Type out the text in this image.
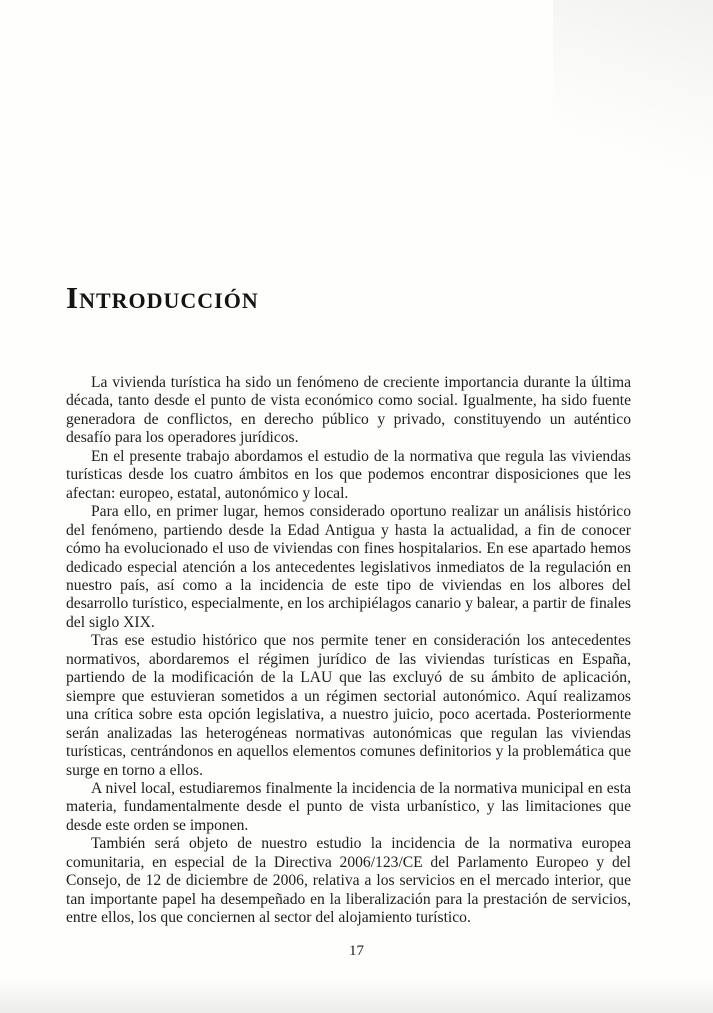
Introducción

La vivienda turística ha sido un fenómeno de creciente importancia durante la última década, tanto desde el punto de vista económico como social. Igualmente, ha sido fuente generadora de conflictos, en derecho público y privado, constituyendo un auténtico desafío para los operadores jurídicos.

En el presente trabajo abordamos el estudio de la normativa que regula las viviendas turísticas desde los cuatro ámbitos en los que podemos encontrar disposiciones que les afectan: europeo, estatal, autonómico y local.

Para ello, en primer lugar, hemos considerado oportuno realizar un análisis histórico del fenómeno, partiendo desde la Edad Antigua y hasta la actualidad, a fin de conocer cómo ha evolucionado el uso de viviendas con fines hospitalarios. En ese apartado hemos dedicado especial atención a los antecedentes legislativos inmediatos de la regulación en nuestro país, así como a la incidencia de este tipo de viviendas en los albores del desarrollo turístico, especialmente, en los archipiélagos canario y balear, a partir de finales del siglo XIX.

Tras ese estudio histórico que nos permite tener en consideración los antecedentes normativos, abordaremos el régimen jurídico de las viviendas turísticas en España, partiendo de la modificación de la LAU que las excluyó de su ámbito de aplicación, siempre que estuvieran sometidos a un régimen sectorial autonómico. Aquí realizamos una crítica sobre esta opción legislativa, a nuestro juicio, poco acertada. Posteriormente serán analizadas las heterogéneas normativas autonómicas que regulan las viviendas turísticas, centrándonos en aquellos elementos comunes definitorios y la problemática que surge en torno a ellos.

A nivel local, estudiaremos finalmente la incidencia de la normativa municipal en esta materia, fundamentalmente desde el punto de vista urbanístico, y las limitaciones que desde este orden se imponen.

También será objeto de nuestro estudio la incidencia de la normativa europea comunitaria, en especial de la Directiva 2006/123/CE del Parlamento Europeo y del Consejo, de 12 de diciembre de 2006, relativa a los servicios en el mercado interior, que tan importante papel ha desempeñado en la liberalización para la prestación de servicios, entre ellos, los que conciernen al sector del alojamiento turístico.

17
